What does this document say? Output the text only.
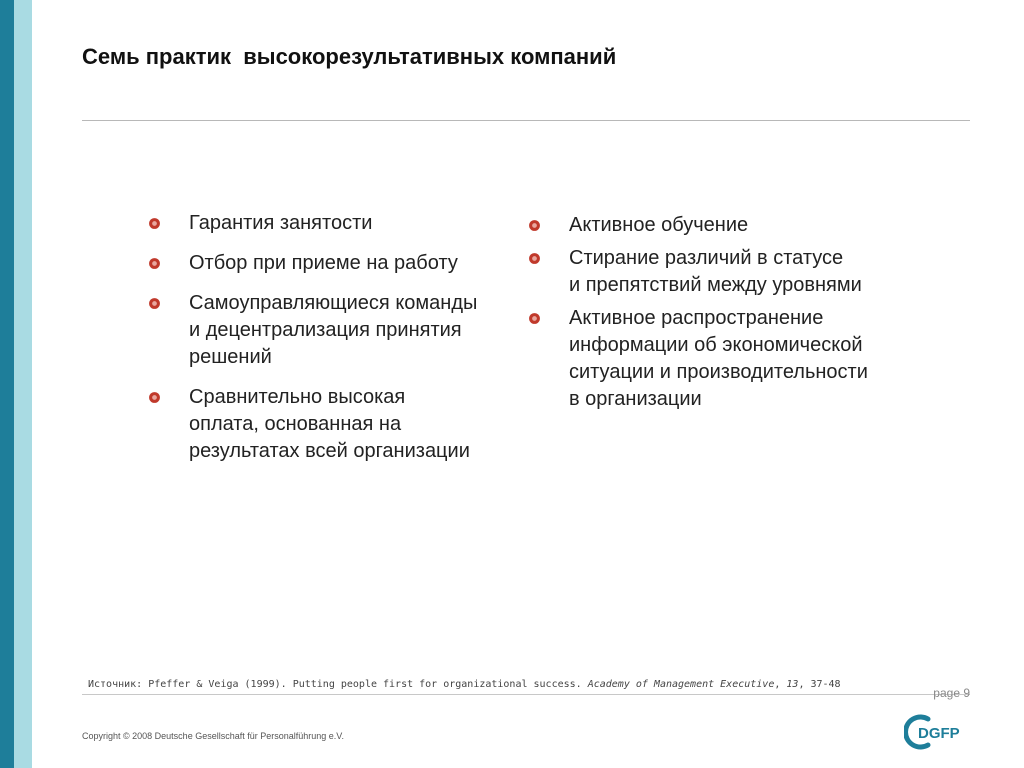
Семь практик  высокорезультативных компаний
Гарантия занятости
Отбор при приеме на работу
Самоуправляющиеся команды
и децентрализация принятия
решений
Сравнительно высокая
оплата, основанная на
результатах всей организации
Активное обучение
Стирание различий в статусе
и препятствий между уровнями
Активное распространение
информации об экономической
ситуации и производительности
в организации
Источник: Pfeffer & Veiga (1999). Putting people first for organizational success. Academy of Management Executive, 13, 37-48
page 9
Copyright © 2008 Deutsche Gesellschaft für Personalführung e.V.	DGFP
